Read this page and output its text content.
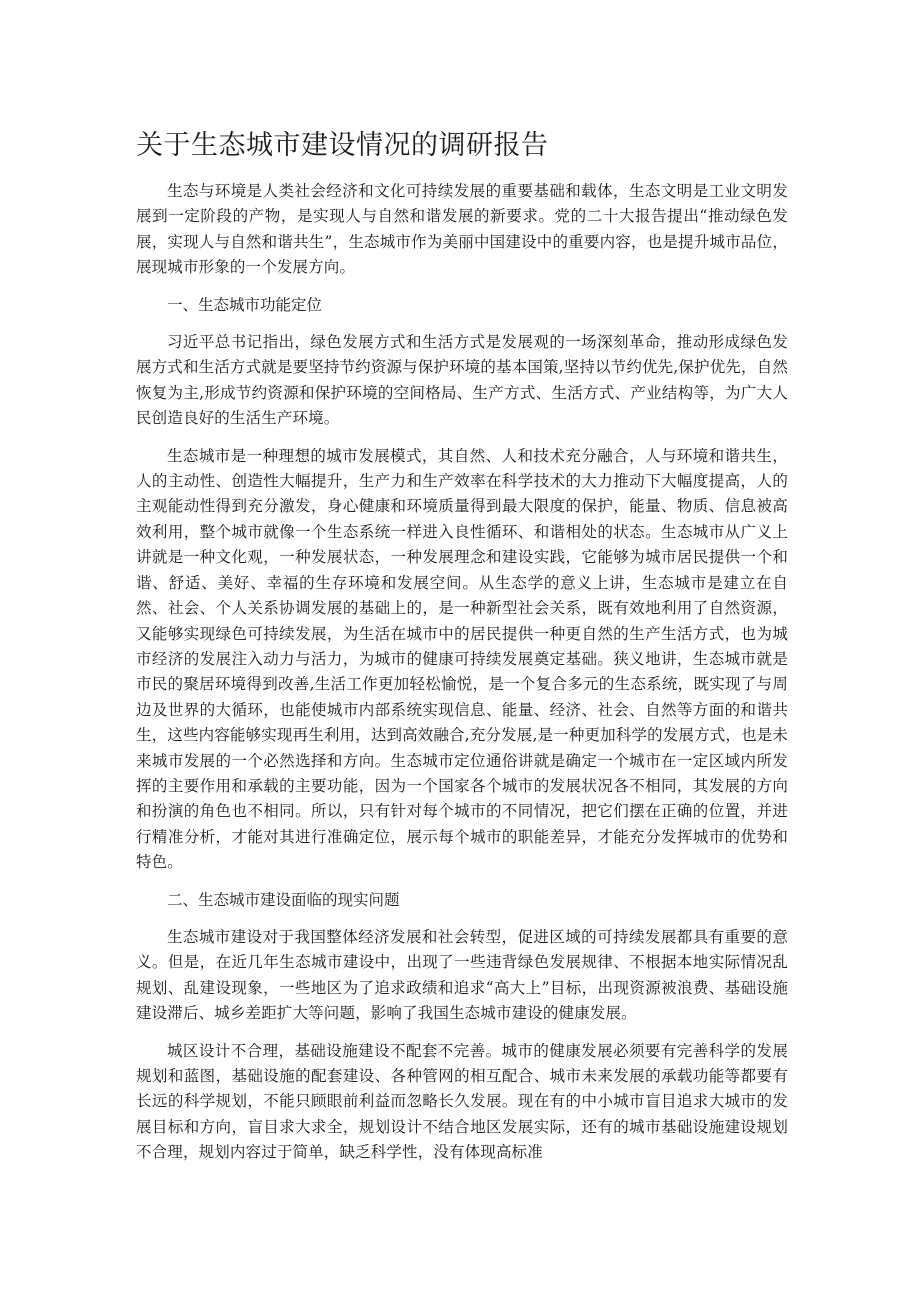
关于生态城市建设情况的调研报告

生态与环境是人类社会经济和文化可持续发展的重要基础和载体，生态文明是工业文明发展到一定阶段的产物，是实现人与自然和谐发展的新要求。党的二十大报告提出“推动绿色发展，实现人与自然和谐共生”，生态城市作为美丽中国建设中的重要内容，也是提升城市品位，展现城市形象的一个发展方向。

一、生态城市功能定位

习近平总书记指出，绿色发展方式和生活方式是发展观的一场深刻革命，推动形成绿色发展方式和生活方式就是要坚持节约资源与保护环境的基本国策,坚持以节约优先,保护优先，自然恢复为主,形成节约资源和保护环境的空间格局、生产方式、生活方式、产业结构等，为广大人民创造良好的生活生产环境。

生态城市是一种理想的城市发展模式，其自然、人和技术充分融合，人与环境和谐共生，人的主动性、创造性大幅提升，生产力和生产效率在科学技术的大力推动下大幅度提高，人的主观能动性得到充分激发，身心健康和环境质量得到最大限度的保护，能量、物质、信息被高效利用，整个城市就像一个生态系统一样进入良性循环、和谐相处的状态。生态城市从广义上讲就是一种文化观，一种发展状态，一种发展理念和建设实践，它能够为城市居民提供一个和谐、舒适、美好、幸福的生存环境和发展空间。从生态学的意义上讲，生态城市是建立在自然、社会、个人关系协调发展的基础上的，是一种新型社会关系，既有效地利用了自然资源，又能够实现绿色可持续发展，为生活在城市中的居民提供一种更自然的生产生活方式，也为城市经济的发展注入动力与活力，为城市的健康可持续发展奠定基础。狭义地讲，生态城市就是市民的聚居环境得到改善,生活工作更加轻松愉悦，是一个复合多元的生态系统，既实现了与周边及世界的大循环，也能使城市内部系统实现信息、能量、经济、社会、自然等方面的和谐共生，这些内容能够实现再生利用，达到高效融合,充分发展,是一种更加科学的发展方式，也是未来城市发展的一个必然选择和方向。生态城市定位通俗讲就是确定一个城市在一定区域内所发挥的主要作用和承载的主要功能，因为一个国家各个城市的发展状况各不相同，其发展的方向和扮演的角色也不相同。所以，只有针对每个城市的不同情况，把它们摆在正确的位置，并进行精准分析，才能对其进行准确定位，展示每个城市的职能差异，才能充分发挥城市的优势和特色。

二、生态城市建设面临的现实问题

生态城市建设对于我国整体经济发展和社会转型，促进区域的可持续发展都具有重要的意义。但是，在近几年生态城市建设中，出现了一些违背绿色发展规律、不根据本地实际情况乱规划、乱建设现象，一些地区为了追求政绩和追求“高大上”目标，出现资源被浪费、基础设施建设滞后、城乡差距扩大等问题，影响了我国生态城市建设的健康发展。

城区设计不合理，基础设施建设不配套不完善。城市的健康发展必须要有完善科学的发展规划和蓝图，基础设施的配套建设、各种管网的相互配合、城市未来发展的承载功能等都要有长远的科学规划，不能只顾眼前利益而忽略长久发展。现在有的中小城市盲目追求大城市的发展目标和方向，盲目求大求全，规划设计不结合地区发展实际，还有的城市基础设施建设规划不合理，规划内容过于简单，缺乏科学性，没有体现高标准
